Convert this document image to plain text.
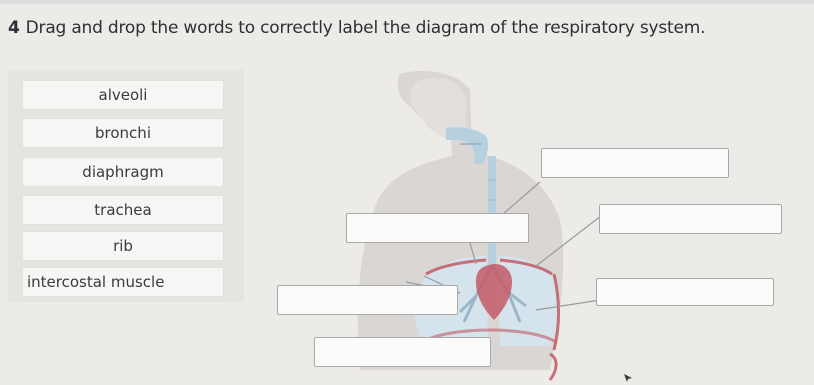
4 Drag and drop the words to correctly label the diagram of the respiratory system.
alveoli
bronchi
diaphragm
trachea
rib
intercostal muscle
